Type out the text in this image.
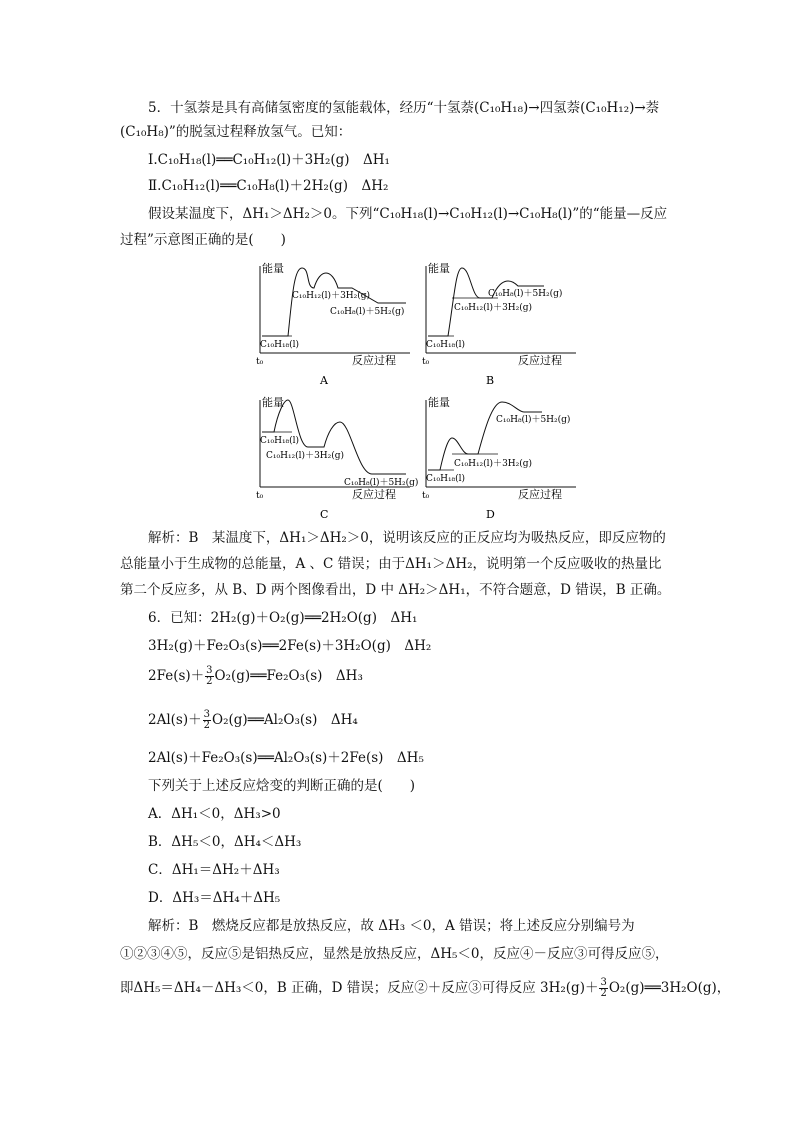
5．十氢萘是具有高储氢密度的氢能载体，经历“十氢萘(C₁₀H₁₈)→四氢萘(C₁₀H₁₂)→萘
(C₁₀H₈)”的脱氢过程释放氢气。已知：
Ⅰ.C₁₀H₁₈(l)══C₁₀H₁₂(l)＋3H₂(g)　ΔH₁
Ⅱ.C₁₀H₁₂(l)══C₁₀H₈(l)＋2H₂(g)　ΔH₂
假设某温度下，ΔH₁＞ΔH₂＞0。下列“C₁₀H₁₈(l)→C₁₀H₁₂(l)→C₁₀H₈(l)”的“能量—反应
过程”示意图正确的是(　　)
能量
t₀	反应过程
C₁₀H₁₈(l)
C₁₀H₁₂(l)＋3H₂(g)
C₁₀H₈(l)＋5H₂(g)
A
能量
t₀	反应过程
C₁₀H₁₈(l)
C₁₀H₁₂(l)＋3H₂(g)
C₁₀H₈(l)＋5H₂(g)
B
能量
t₀	反应过程
C₁₀H₁₈(l)
C₁₀H₁₂(l)＋3H₂(g)
C₁₀H₈(l)＋5H₂(g)
C
能量
t₀	反应过程
C₁₀H₁₈(l)
C₁₀H₁₂(l)＋3H₂(g)
C₁₀H₈(l)＋5H₂(g)
D
解析：B　某温度下，ΔH₁＞ΔH₂＞0，说明该反应的正反应均为吸热反应，即反应物的
总能量小于生成物的总能量，A 、C 错误；由于ΔH₁＞ΔH₂，说明第一个反应吸收的热量比
第二个反应多，从 B、D 两个图像看出，D 中 ΔH₂＞ΔH₁，不符合题意，D 错误，B 正确。
6．已知：2H₂(g)＋O₂(g)══2H₂O(g)　ΔH₁
3H₂(g)＋Fe₂O₃(s)══2Fe(s)＋3H₂O(g)　ΔH₂
$2Fe(s)+ \frac{3}{2}$ O₂(g)══Fe₂O₃(s)　ΔH₃
$2Al(s)+ \frac{3}{2}$ O₂(g)══Al₂O₃(s)　ΔH₄
2Al(s)＋Fe₂O₃(s)══Al₂O₃(s)＋2Fe(s)　ΔH₅
下列关于上述反应焓变的判断正确的是(　　)
A．ΔH₁＜0，ΔH₃>0
B．ΔH₅＜0，ΔH₄＜ΔH₃
C．ΔH₁＝ΔH₂＋ΔH₃
D．ΔH₃＝ΔH₄＋ΔH₅
解析：B　燃烧反应都是放热反应，故 ΔH₃ ＜0，A 错误；将上述反应分别编号为
①②③④⑤，反应⑤是铝热反应，显然是放热反应，ΔH₅＜0，反应④－反应③可得反应⑤，
即ΔH₅＝ΔH₄－ΔH₃＜0，B 正确，D 错误；反应②＋反应③可得反应 $3H_2(g)+ \frac{3}{2}$ O₂(g)══3H₂O(g)，
